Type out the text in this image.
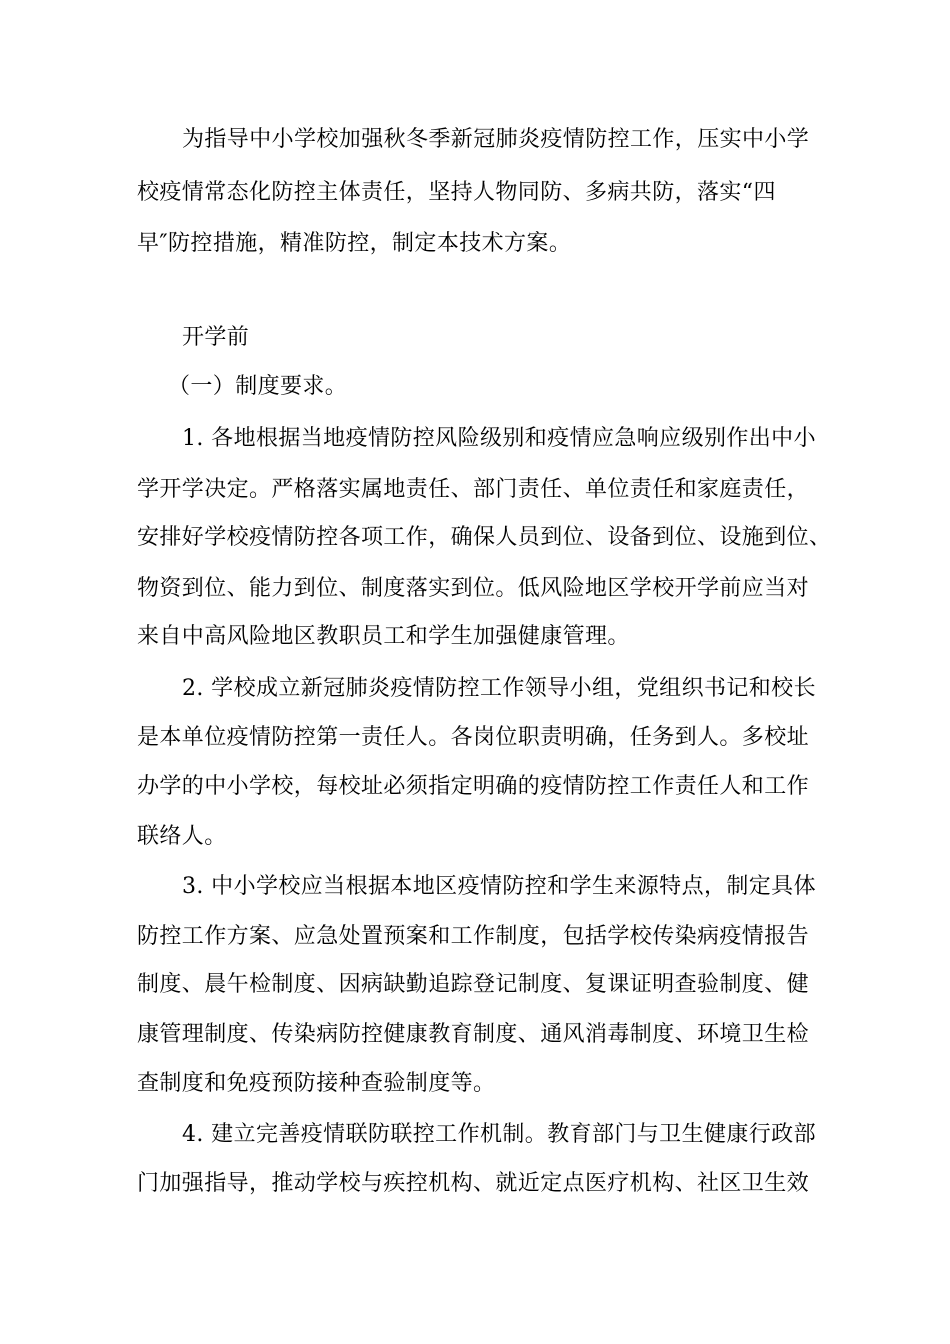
为指导中小学校加强秋冬季新冠肺炎疫情防控工作，压实中小学
校疫情常态化防控主体责任，坚持人物同防、多病共防，落实“四
早″防控措施，精准防控，制定本技术方案。
开学前
（一）制度要求。
1. 各地根据当地疫情防控风险级别和疫情应急响应级别作出中小
学开学决定。严格落实属地责任、部门责任、单位责任和家庭责任，
安排好学校疫情防控各项工作，确保人员到位、设备到位、设施到位、
物资到位、能力到位、制度落实到位。低风险地区学校开学前应当对
来自中高风险地区教职员工和学生加强健康管理。
2. 学校成立新冠肺炎疫情防控工作领导小组，党组织书记和校长
是本单位疫情防控第一责任人。各岗位职责明确，任务到人。多校址
办学的中小学校，每校址必须指定明确的疫情防控工作责任人和工作
联络人。
3. 中小学校应当根据本地区疫情防控和学生来源特点，制定具体
防控工作方案、应急处置预案和工作制度，包括学校传染病疫情报告
制度、晨午检制度、因病缺勤追踪登记制度、复课证明查验制度、健
康管理制度、传染病防控健康教育制度、通风消毒制度、环境卫生检
查制度和免疫预防接种查验制度等。
4. 建立完善疫情联防联控工作机制。教育部门与卫生健康行政部
门加强指导，推动学校与疾控机构、就近定点医疗机构、社区卫生效
